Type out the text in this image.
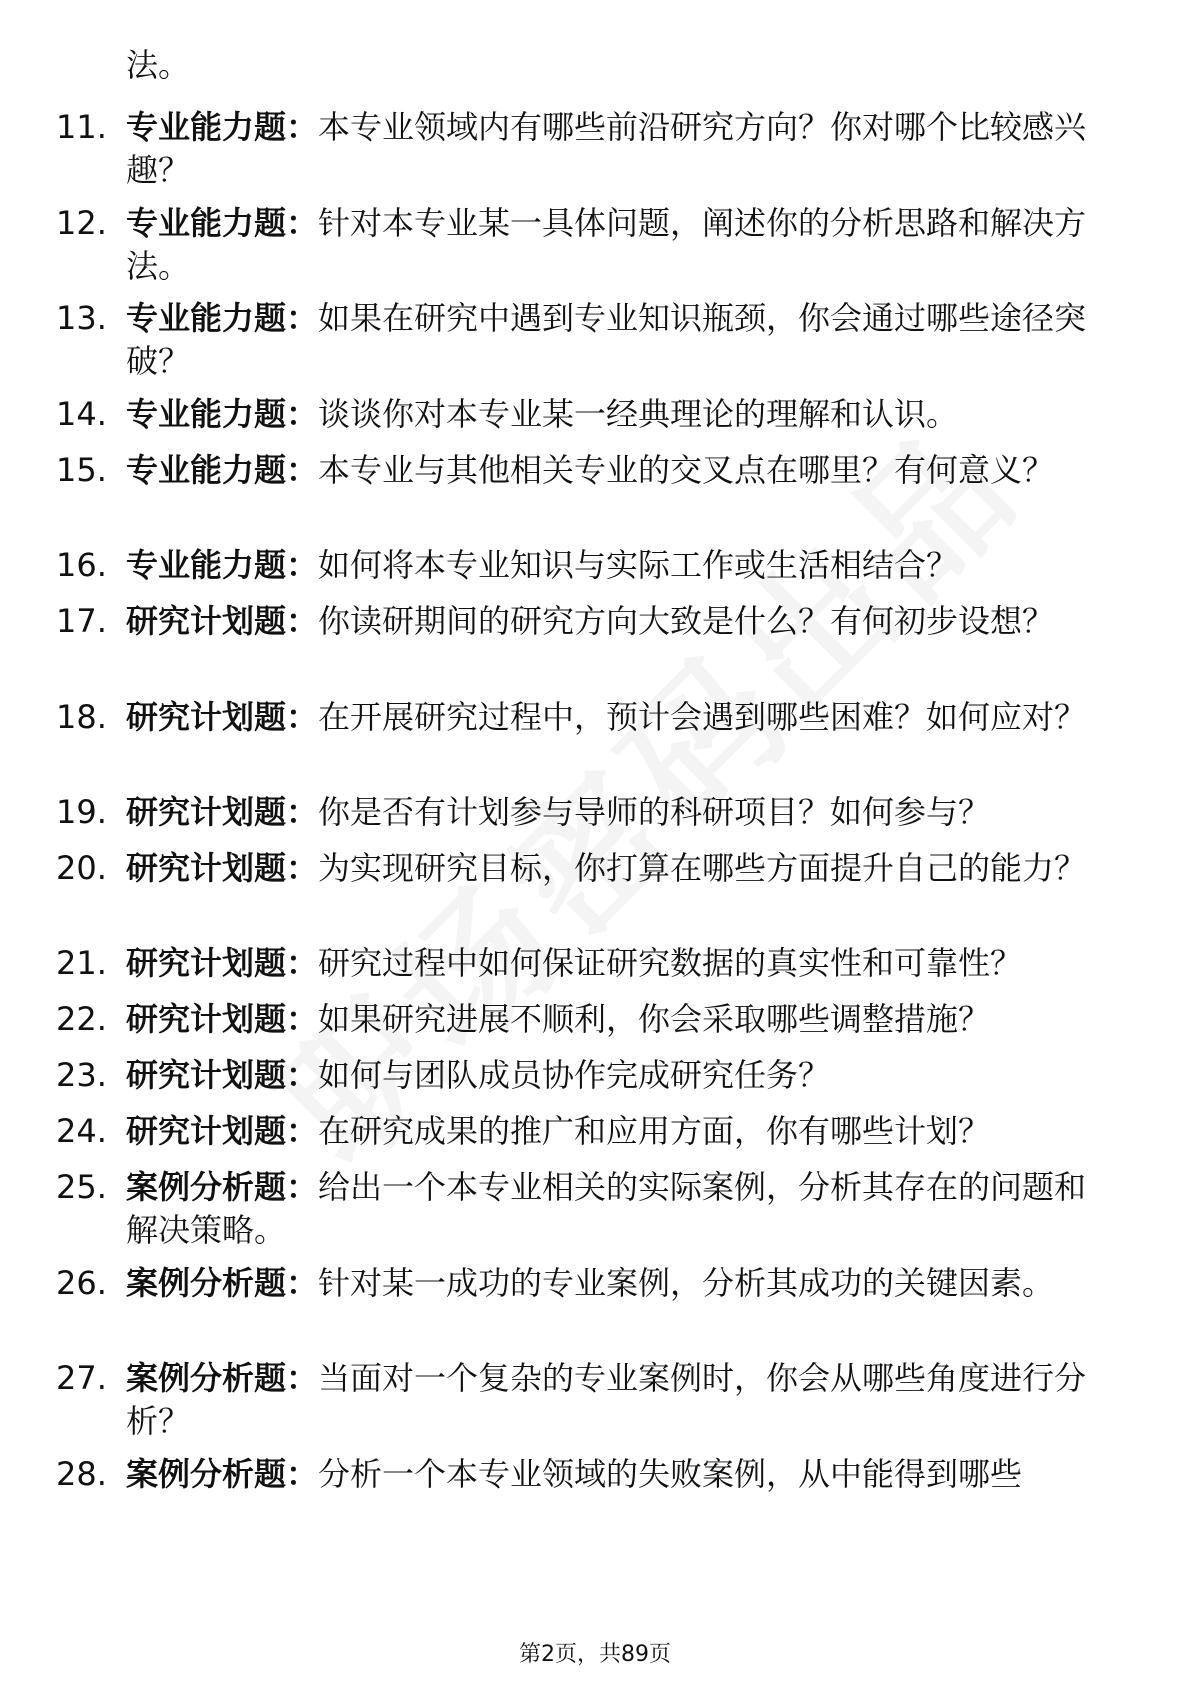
法。
11. 专业能力题：本专业领域内有哪些前沿研究方向？你对哪个比较感兴趣？
12. 专业能力题：针对本专业某一具体问题，阐述你的分析思路和解决方法。
13. 专业能力题：如果在研究中遇到专业知识瓶颈，你会通过哪些途径突破？
14. 专业能力题：谈谈你对本专业某一经典理论的理解和认识。
15. 专业能力题：本专业与其他相关专业的交叉点在哪里？有何意义？
16. 专业能力题：如何将本专业知识与实际工作或生活相结合？
17. 研究计划题：你读研期间的研究方向大致是什么？有何初步设想？
18. 研究计划题：在开展研究过程中，预计会遇到哪些困难？如何应对？
19. 研究计划题：你是否有计划参与导师的科研项目？如何参与？
20. 研究计划题：为实现研究目标，你打算在哪些方面提升自己的能力？
21. 研究计划题：研究过程中如何保证研究数据的真实性和可靠性？
22. 研究计划题：如果研究进展不顺利，你会采取哪些调整措施？
23. 研究计划题：如何与团队成员协作完成研究任务？
24. 研究计划题：在研究成果的推广和应用方面，你有哪些计划？
25. 案例分析题：给出一个本专业相关的实际案例，分析其存在的问题和解决策略。
26. 案例分析题：针对某一成功的专业案例，分析其成功的关键因素。
27. 案例分析题：当面对一个复杂的专业案例时，你会从哪些角度进行分析？
28. 案例分析题：分析一个本专业领域的失败案例，从中能得到哪些
第2页，共89页
